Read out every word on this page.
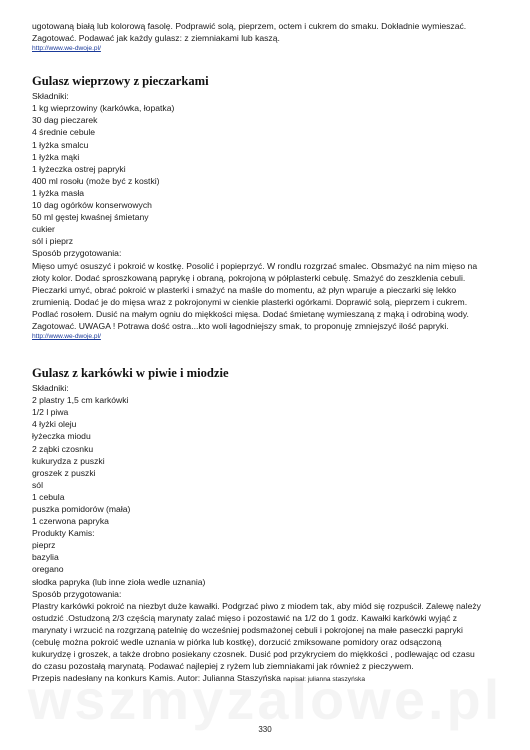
ugotowaną białą lub kolorową fasolę. Podprawić solą, pieprzem, octem i cukrem do smaku. Dokładnie wymieszać.

Zagotować. Podawać jak każdy gulasz: z ziemniakami lub kaszą.

http://www.we-dwoje.pl/
Gulasz wieprzowy z pieczarkami

Składniki:

1 kg wieprzowiny (karkówka, łopatka)

30 dag pieczarek

4 średnie cebule

1 łyżka smalcu

1 łyżka mąki

1 łyżeczka ostrej papryki

400 ml rosołu (może być z kostki)

1 łyżka masła

10 dag ogórków konserwowych

50 ml gęstej kwaśnej śmietany

cukier

sól i pieprz

Sposób przygotowania:

Mięso umyć osuszyć i pokroić w kostkę. Posolić i popieprzyć. W rondlu rozgrzać smalec. Obsmażyć na nim mięso na

złoty kolor. Dodać sproszkowaną paprykę i obraną, pokrojoną w półplasterki cebulę. Smażyć do zeszklenia cebuli.

Pieczarki umyć, obrać pokroić w plasterki i smażyć na maśle do momentu, aż płyn wparuje a pieczarki się lekko

zrumienią. Dodać je do mięsa wraz z pokrojonymi w cienkie plasterki ogórkami. Doprawić solą, pieprzem i cukrem.

Podlać rosołem. Dusić na małym ogniu do miękkości mięsa. Dodać śmietanę wymieszaną z mąką i odrobiną wody.

Zagotować. UWAGA ! Potrawa dość ostra...kto woli łagodniejszy smak, to proponuję zmniejszyć ilość papryki.

http://www.we-dwoje.pl/
Gulasz z karkówki w piwie i miodzie

Składniki:

2 plastry 1,5 cm karkówki

1/2 l piwa

4 łyżki oleju

łyżeczka miodu

2 ząbki czosnku

kukurydza z puszki

groszek z puszki

sól

1 cebula

puszka pomidorów (mała)

1 czerwona papryka

Produkty Kamis:

pieprz

bazylia

oregano

słodka papryka (lub inne zioła wedle uznania)

Sposób przygotowania:

Plastry karkówki pokroić na niezbyt duże kawałki. Podgrzać piwo z miodem tak, aby miód się rozpuścił. Zalewę należy

ostudzić .Ostudzoną 2/3 częścią marynaty zalać mięso i pozostawić na 1/2 do 1 godz. Kawałki karkówki wyjąć z

marynaty i wrzucić na rozgrzaną patelnię do wcześniej podsmażonej cebuli i pokrojonej na małe paseczki papryki

(cebulę można pokroić wedle uznania w piórka lub kostkę), dorzucić zmiksowane pomidory oraz odsączoną

kukurydzę i groszek, a także drobno posiekany czosnek. Dusić pod przykryciem do miękkości , podlewając od czasu

do czasu pozostałą marynatą. Podawać najlepiej z ryżem lub ziemniakami jak również z pieczywem.

Przepis nadesłany na konkurs Kamis. Autor: Julianna Staszyńska napisał: julianna staszyńska

330
